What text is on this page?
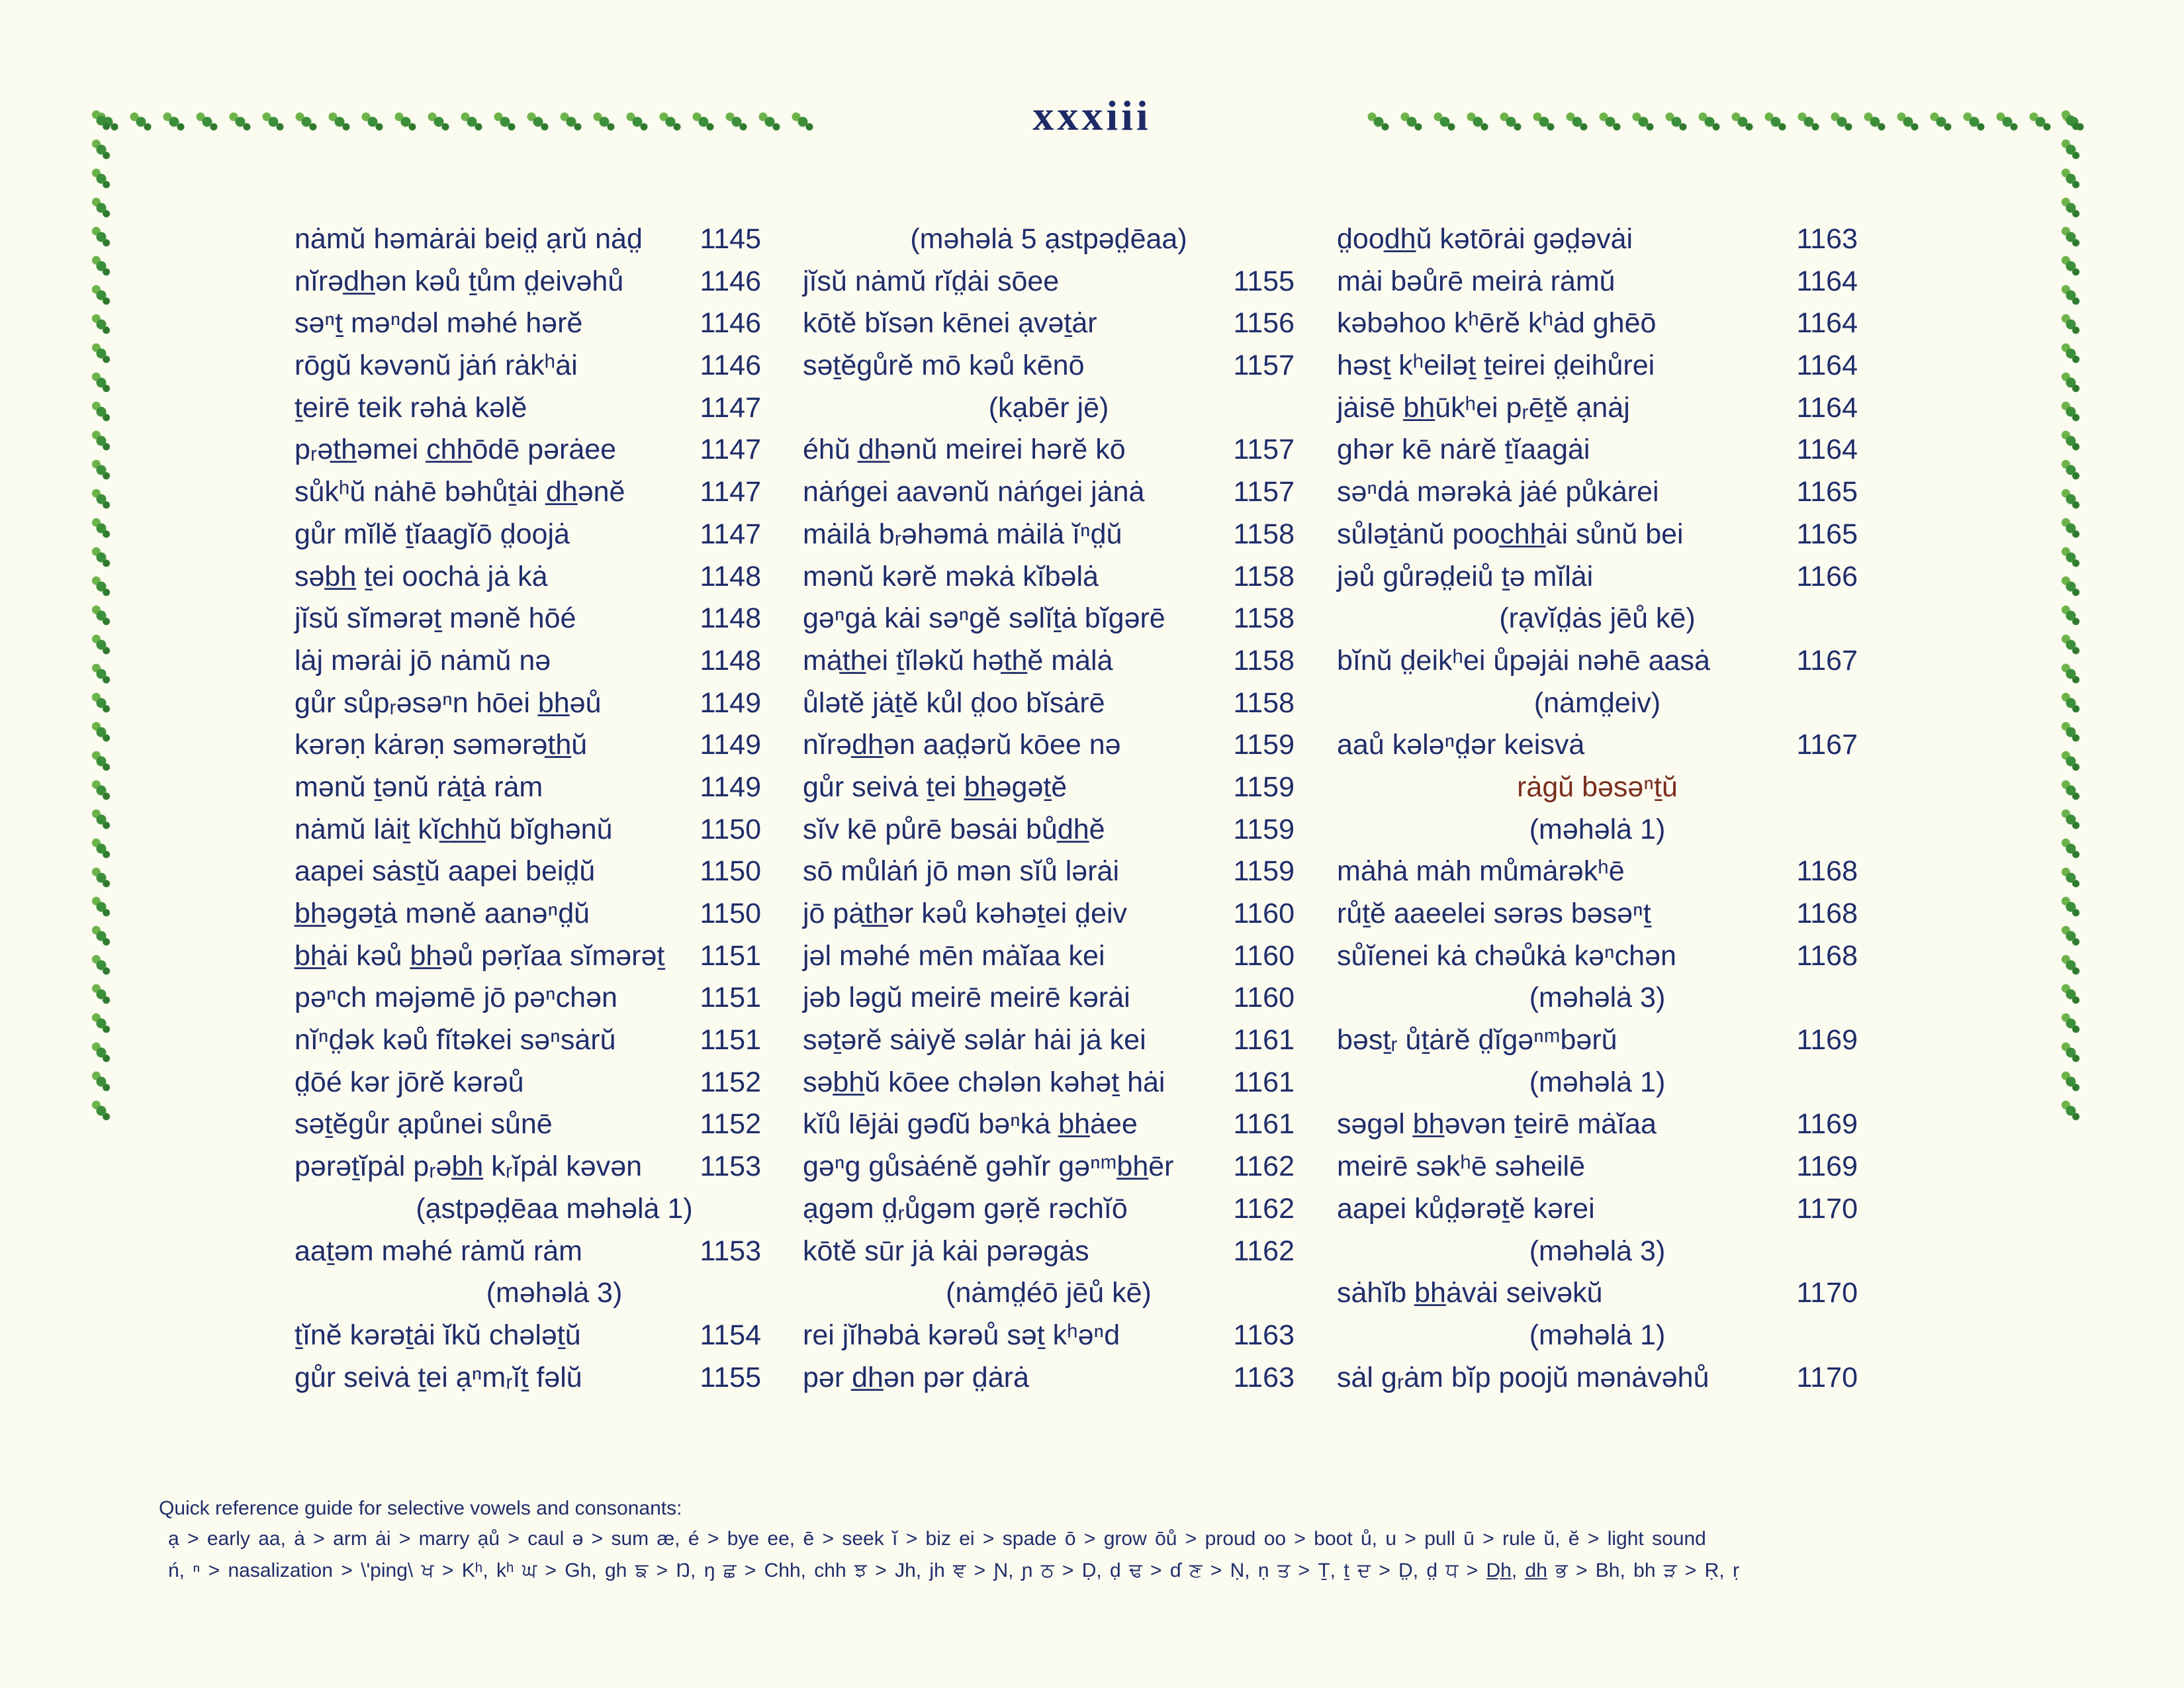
xxxiii
nȧmŭ həmȧrȧi beid̤ ạrŭ nȧd̤ 1145
nĭrəd̲h̲ən kəů ṯům d̤eivəhů	1146
səⁿṯ məⁿdəl məhé hərĕ	1146
rōgŭ kəvənŭ jȧń rȧkʰȧi	1146
ṯeirē teik rəhȧ kəlĕ	1147
pᵣət̲h̲əmei c̲h̲h̲ōdē pərȧee	1147
sůkʰŭ nȧhē bəhůṯȧi d̲h̲ənĕ	1147
gůr mĭlĕ ṯĭaagĭō d̤oojȧ	1147
səb̲h̲ ṯei oochȧ jȧ kȧ	1148
jĭsŭ sĭmərəṯ mənĕ hōé	1148
lȧj mərȧi jō nȧmŭ nə	1148
gůr sůpᵣəsəⁿn hōei b̲h̲əů	1149
kərəṇ kȧrəṇ səmərət̲h̲ŭ	1149
mənŭ ṯənŭ rȧṯȧ rȧm	1149
nȧmŭ lȧiṯ kĭc̲h̲h̲ŭ bĭghənŭ	1150
aapei sȧsṯŭ aapei beid̤ŭ	1150
b̲h̲əgəṯȧ mənĕ aanəⁿd̤ŭ	1150
b̲h̲ȧi kəů b̲h̲əů pəṛĭaa sĭmərəṯ 1151
pəⁿch məjəmē jō pəⁿchən	1151
nĭⁿd̤ək kəů fĭtəkei səⁿsȧrŭ	1151
d̤ōé kər jōrĕ kərəů	1152
səṯĕgůr ạpůnei sůnē	1152
pərəṯĭpȧl pᵣəb̲h̲ kᵣĭpȧl kəvən 1153
(ạstpəd̤ēaa məhəlȧ 1)
aaṯəm məhé rȧmŭ rȧm	1153
(məhəlȧ 3)
ṯĭnĕ kərəṯȧi ĭkŭ chələṯŭ	1154
gůr seivȧ ṯei ạⁿmᵣĭṯ fəlŭ	1155
(məhəlȧ 5 ạstpəd̤ēaa)
jĭsŭ nȧmŭ rĭd̤ȧi sōee	1155
kōtĕ bĭsən kēnei ạvəṯȧr	1156
səṯĕgůrĕ mō kəů kēnō	1157
(kạbēr jē)
éhŭ d̲h̲ənŭ meirei hərĕ kō	1157
nȧńgei aavənŭ nȧńgei jȧnȧ	1157
mȧilȧ bᵣəhəmȧ mȧilȧ ĭⁿd̤ŭ	1158
mənŭ kərĕ məkȧ kĭbəlȧ	1158
gəⁿgȧ kȧi səⁿgĕ səlĭṯȧ bĭgərē 1158
mȧt̲h̲ei ṯĭləkŭ hət̲h̲ĕ mȧlȧ	1158
ůlətĕ jȧṯĕ kůl d̤oo bĭsȧrē	1158
nĭrəd̲h̲ən aad̤ərŭ kōee nə	1159
gůr seivȧ ṯei b̲h̲əgəṯĕ	1159
sĭv kē půrē bəsȧi bůd̲h̲ĕ	1159
sō můlȧń jō mən sĭů lərȧi	1159
jō pȧt̲h̲ər kəů kəhəṯei d̤eiv	1160
jəl məhé mēn mȧĭaa kei	1160
jəb ləgŭ meirē meirē kərȧi	1160
səṯərĕ sȧiyĕ səlȧr hȧi jȧ kei	1161
səb̲h̲ŭ kōee chələn kəhəṯ hȧi 1161
kĭů lējȧi gəɗŭ bəⁿkȧ b̲h̲ȧee	1161
gəⁿg gůsȧénĕ gəhĭr gəⁿᵐb̲h̲ēr 1162
ạgəm d̤ᵣůgəm gəṛĕ rəchĭō	1162
kōtĕ sūr jȧ kȧi pərəgȧs	1162
(nȧmd̤éō jēů kē)
rei jĭhəbȧ kərəů səṯ kʰəⁿd	1163
pər d̲h̲ən pər d̤ȧrȧ	1163
d̤ood̲h̲ŭ kətōrȧi gəd̤əvȧi	1163
mȧi bəůrē meirȧ rȧmŭ	1164
kəbəhoo kʰērĕ kʰȧd ghēō	1164
həsṯ kʰeiləṯ ṯeirei d̤eihůrei	1164
jȧisē b̲h̲ūkʰei pᵣēṯĕ ạnȧj	1164
ghər kē nȧrĕ ṯĭaagȧi	1164
səⁿdȧ mərəkȧ jȧé půkȧrei	1165
sůləṯȧnŭ pooc̲h̲h̲ȧi sůnŭ bei	1165
jəů gůrəd̤eiů ṯə mĭlȧi	1166
(rạvĭd̤ȧs jēů kē)
bĭnŭ d̤eikʰei ůpəjȧi nəhē aasȧ	1167
(nȧmd̤eiv)
aaů kələⁿd̤ər keisvȧ	1167
rȧgŭ bəsəⁿṯŭ
(məhəlȧ 1)
mȧhȧ mȧh můmȧrəkʰē	1168
růṯĕ aaeelei sərəs bəsəⁿṯ	1168
sůĭenei kȧ chəůkȧ kəⁿchən	1168
(məhəlȧ 3)
bəsṯᵣ ůṯȧrĕ d̤ĭgəⁿᵐbərŭ	1169
(məhəlȧ 1)
səgəl b̲h̲əvən ṯeirē mȧĭaa	1169
meirē səkʰē səheilē	1169
aapei kůd̤ərəṯĕ kərei	1170
(məhəlȧ 3)
sȧhĭb b̲h̲ȧvȧi seivəkŭ	1170
(məhəlȧ 1)
sȧl gᵣȧm bĭp poojŭ mənȧvəhů	1170
Quick reference guide for selective vowels and consonants:
ạ > early aa, ȧ > arm ȧi > marry ạů > caul ə > sum æ, é > bye ee, ē > seek ĭ > biz ei > spade ō > grow ōů > proud oo > boot ů, u > pull ū > rule ŭ, ĕ > light sound
ń, ⁿ > nasalization > \'ping\ ਖ > Kʰ, kʰ ਘ > Gh, gh ਙ > Ŋ, ŋ ਛ > Chh, chh ਝ > Jh, jh ਞ > Ɲ, ɲ ਠ > Ḍ, ḍ ਢ > ɗ ਣ > Ṇ, ṇ ਤ > Ṯ, ṯ ਦ > D̤, d̤ ਧ > D̲h̲, d̲h̲ ਭ > Bh, bh ੜ > Ṛ, ṛ
